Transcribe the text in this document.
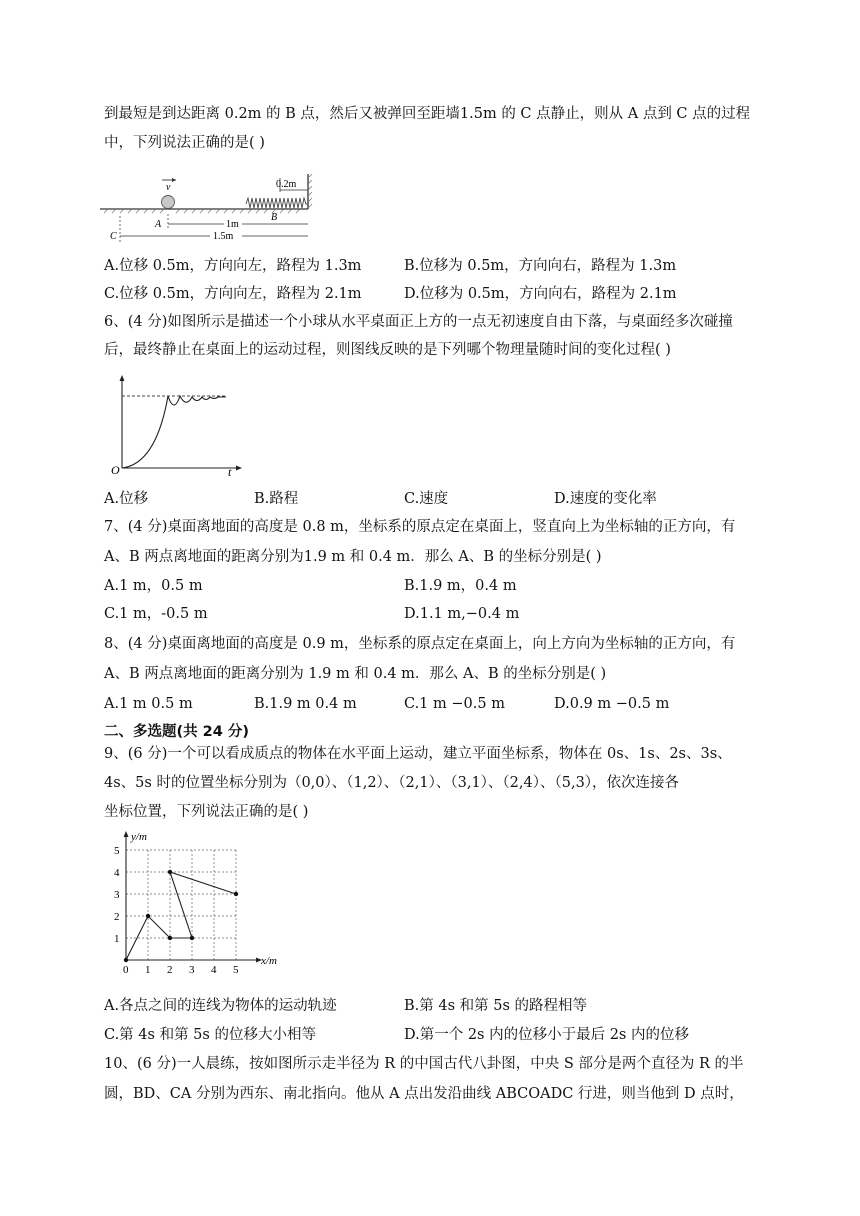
到最短是到达距离 0.2m 的 B 点，然后又被弹回至距墙1.5m 的 C 点静止，则从 A 点到 C 点的过程
中，下列说法正确的是( )
v	0.2m
B
1m
A
1.5m
C
A.位移 0.5m，方向向左，路程为 1.3m	B.位移为 0.5m，方向向右，路程为 1.3m
C.位移 0.5m，方向向左，路程为 2.1m	D.位移为 0.5m，方向向右，路程为 2.1m
6、(4 分)如图所示是描述一个小球从水平桌面正上方的一点无初速度自由下落，与桌面经多次碰撞
后，最终静止在桌面上的运动过程，则图线反映的是下列哪个物理量随时间的变化过程( )
O	t
A.位移	B.路程	C.速度	D.速度的变化率
7、(4 分)桌面离地面的高度是 0.8 m，坐标系的原点定在桌面上，竖直向上为坐标轴的正方向，有
A、B 两点离地面的距离分别为1.9 m 和 0.4 m．那么 A、B 的坐标分别是( )
A.1 m，0.5 m	B.1.9 m，0.4 m
C.1 m，-0.5 m	D.1.1 m,−0.4 m
8、(4 分)桌面离地面的高度是 0.9 m，坐标系的原点定在桌面上，向上方向为坐标轴的正方向，有
A、B 两点离地面的距离分别为 1.9 m 和 0.4 m．那么 A、B 的坐标分别是( )
A.1 m 0.5 m	B.1.9 m 0.4 m	C.1 m −0.5 m	D.0.9 m −0.5 m
二、多选题(共 24 分)
9、(6 分)一个可以看成质点的物体在水平面上运动，建立平面坐标系，物体在 0s、1s、2s、3s、
4s、5s 时的位置坐标分别为（0,0）、（1,2）、（2,1）、（3,1）、（2,4）、（5,3），依次连接各
坐标位置，下列说法正确的是( )
y/m
x/m
0 1 2 3 4 5
5
4
3
2
1
A.各点之间的连线为物体的运动轨迹	B.第 4s 和第 5s 的路程相等
C.第 4s 和第 5s 的位移大小相等	D.第一个 2s 内的位移小于最后 2s 内的位移
10、(6 分)一人晨练，按如图所示走半径为 R 的中国古代八卦图，中央 S 部分是两个直径为 R 的半
圆，BD、CA 分别为西东、南北指向。他从 A 点出发沿曲线 ABCOADC 行进，则当他到 D 点时，
